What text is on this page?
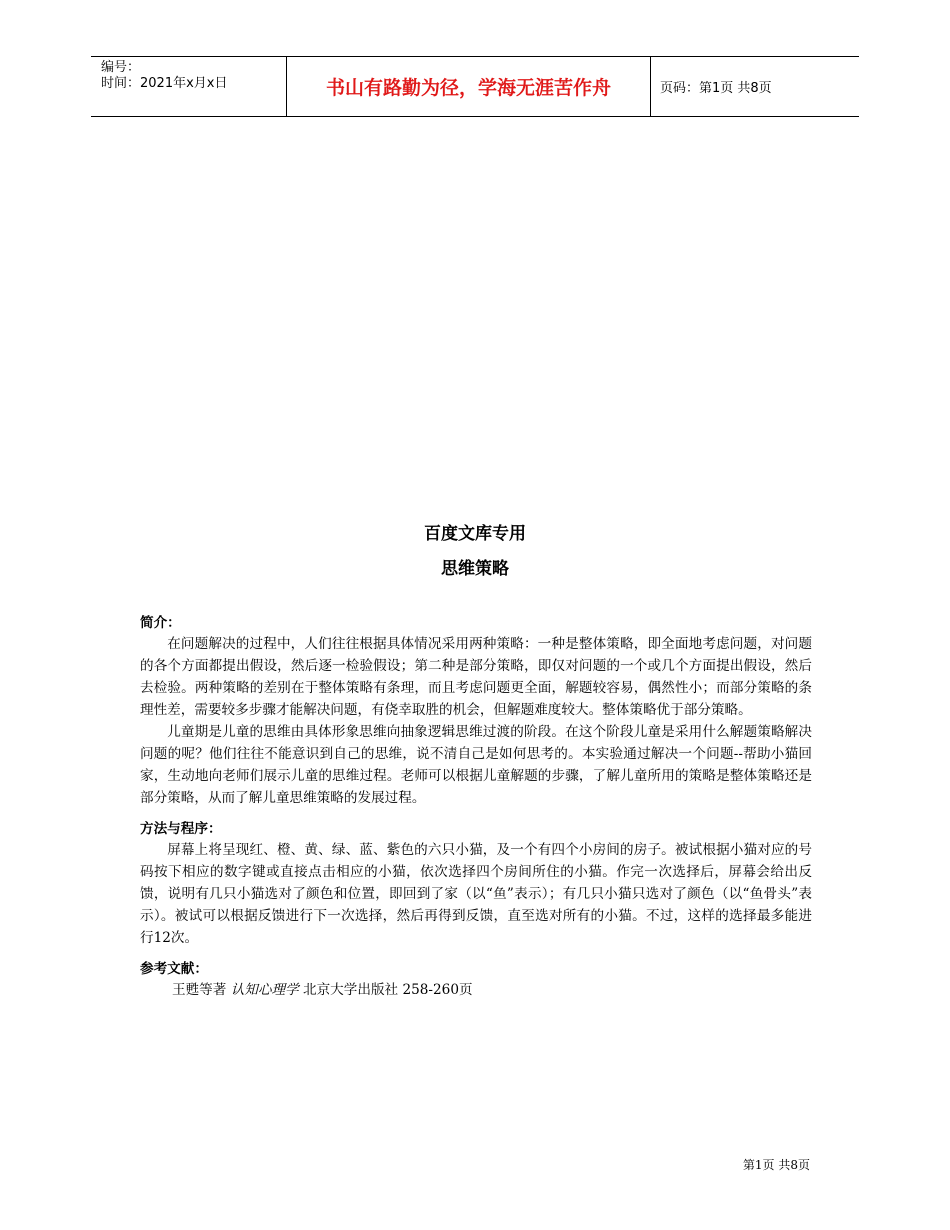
编号：
时间：2021年x月x日	书山有路勤为径，学海无涯苦作舟	页码：第1页 共8页
百度文库专用
思维策略
简介：

在问题解决的过程中，人们往往根据具体情况采用两种策略：一种是整体策略，即全面地考虑问题，对问题的各个方面都提出假设，然后逐一检验假设；第二种是部分策略，即仅对问题的一个或几个方面提出假设，然后去检验。两种策略的差别在于整体策略有条理，而且考虑问题更全面，解题较容易，偶然性小；而部分策略的条理性差，需要较多步骤才能解决问题，有侥幸取胜的机会，但解题难度较大。整体策略优于部分策略。

儿童期是儿童的思维由具体形象思维向抽象逻辑思维过渡的阶段。在这个阶段儿童是采用什么解题策略解决问题的呢？他们往往不能意识到自己的思维，说不清自己是如何思考的。本实验通过解决一个问题--帮助小猫回家，生动地向老师们展示儿童的思维过程。老师可以根据儿童解题的步骤，了解儿童所用的策略是整体策略还是部分策略，从而了解儿童思维策略的发展过程。

方法与程序：

屏幕上将呈现红、橙、黄、绿、蓝、紫色的六只小猫，及一个有四个小房间的房子。被试根据小猫对应的号码按下相应的数字键或直接点击相应的小猫，依次选择四个房间所住的小猫。作完一次选择后，屏幕会给出反馈，说明有几只小猫选对了颜色和位置，即回到了家（以“鱼”表示）；有几只小猫只选对了颜色（以“鱼骨头”表示）。被试可以根据反馈进行下一次选择，然后再得到反馈，直至选对所有的小猫。不过，这样的选择最多能进行12次。

参考文献：
王甦等著 认知心理学 北京大学出版社 258-260页
第1页 共8页
